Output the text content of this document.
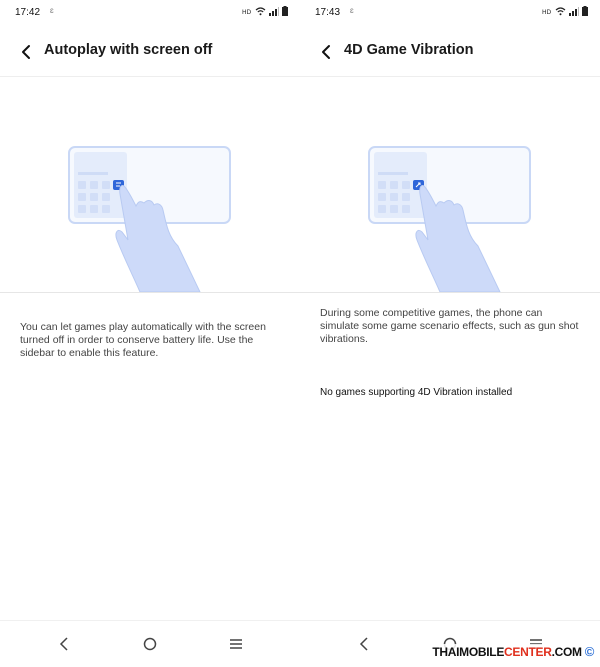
17:42 ɛ	HD
Autoplay with screen off
You can let games play automatically with the screen turned off in order to conserve battery life. Use the sidebar to enable this feature.
17:43 ɛ	HD
4D Game Vibration
During some competitive games, the phone can simulate some game scenario effects, such as gun shot vibrations.
No games supporting 4D Vibration installed
THAIMOBILECENTER.COM ©
